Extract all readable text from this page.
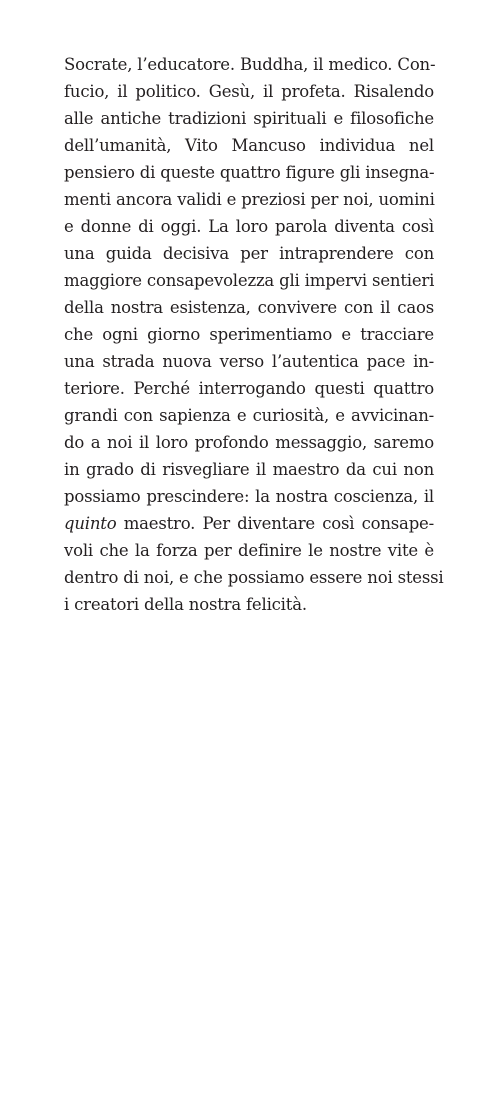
Socrate, l’educatore. Buddha, il medico. Con-
fucio, il politico. Gesù, il profeta. Risalendo
alle antiche tradizioni spirituali e filosofiche
dell’umanità, Vito Mancuso individua nel
pensiero di queste quattro figure gli insegna-
menti ancora validi e preziosi per noi, uomini
e donne di oggi. La loro parola diventa così
una guida decisiva per intraprendere con
maggiore consapevolezza gli impervi sentieri
della nostra esistenza, convivere con il caos
che ogni giorno sperimentiamo e tracciare
una strada nuova verso l’autentica pace in-
teriore. Perché interrogando questi quattro
grandi con sapienza e curiosità, e avvicinan-
do a noi il loro profondo messaggio, saremo
in grado di risvegliare il maestro da cui non
possiamo prescindere: la nostra coscienza, il
quinto maestro. Per diventare così consape-
voli che la forza per definire le nostre vite è
dentro di noi, e che possiamo essere noi stessi
i creatori della nostra felicità.
